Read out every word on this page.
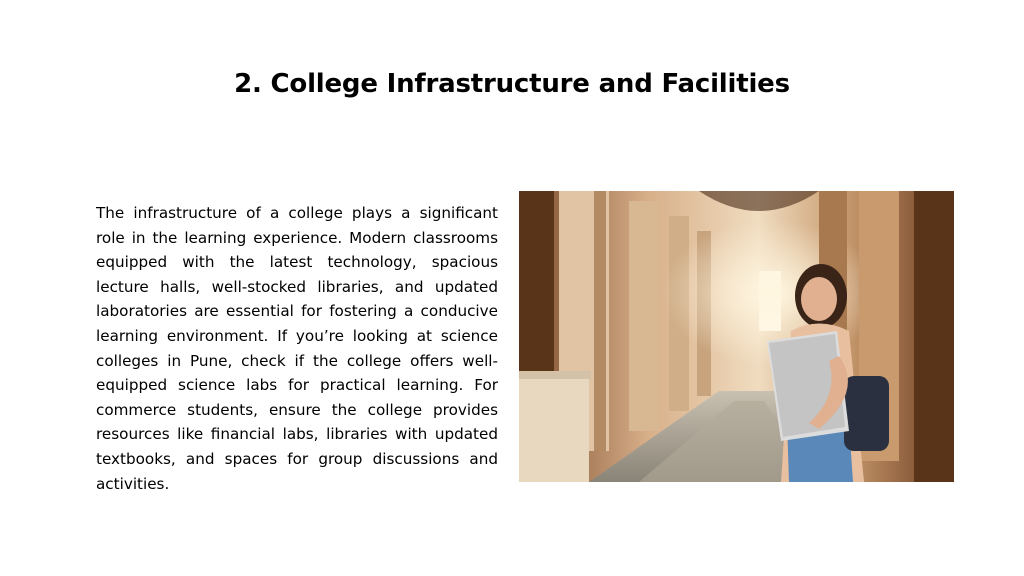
2. College Infrastructure and Facilities
The infrastructure of a college plays a significant role in the learning experience. Modern classrooms equipped with the latest technology, spacious lecture halls, well-stocked libraries, and updated laboratories are essential for fostering a conducive learning environment. If you’re looking at science colleges in Pune, check if the college offers well-equipped science labs for practical learning. For commerce students, ensure the college provides resources like financial labs, libraries with updated textbooks, and spaces for group discussions and activities.
